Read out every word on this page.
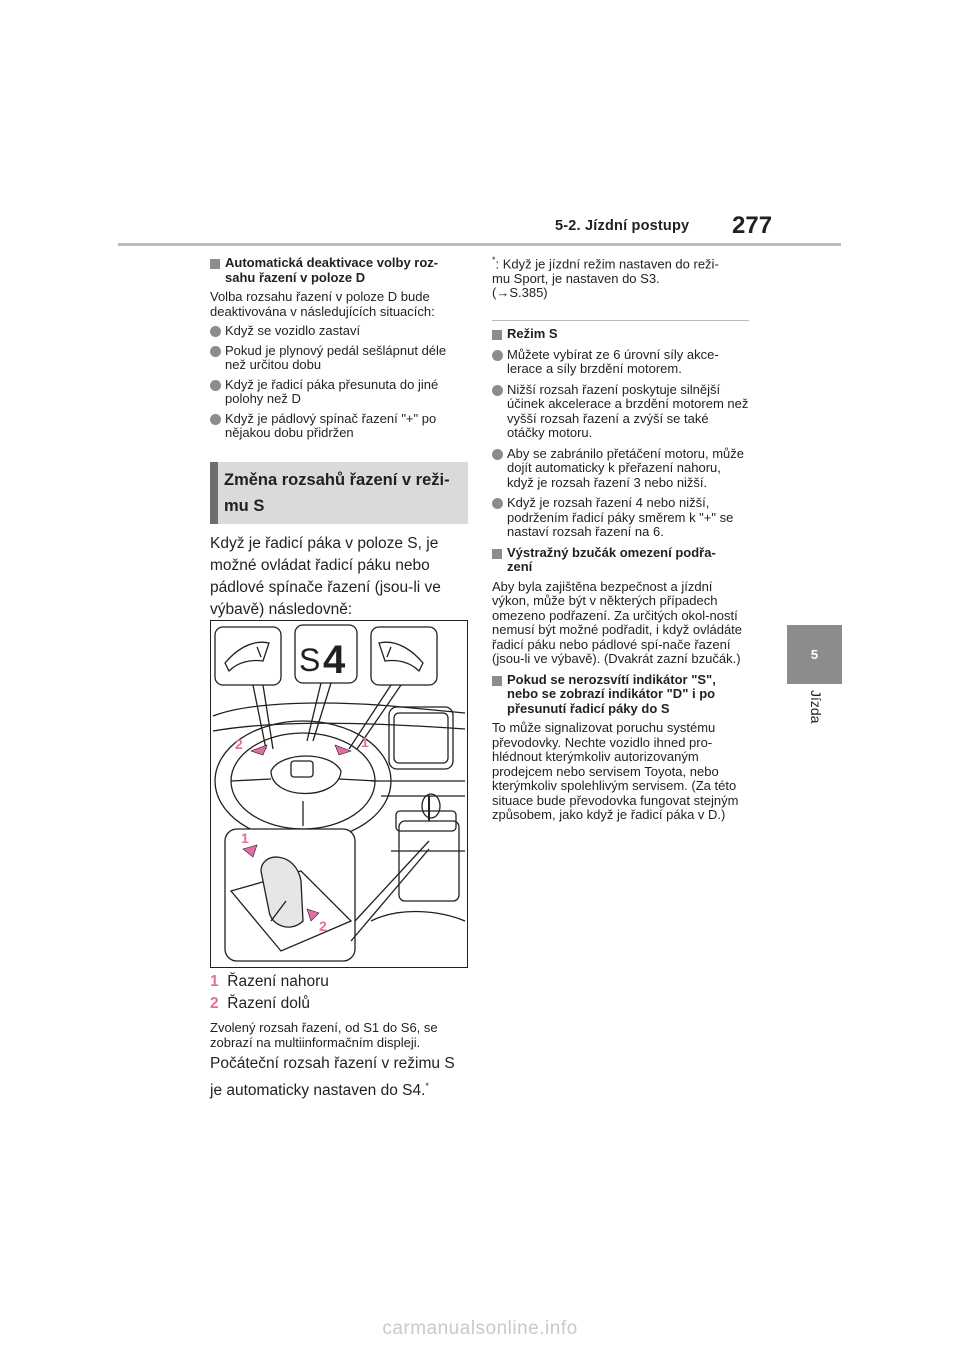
5-2. Jízdní postupy 277
5
Jízda
Automatická deaktivace volby roz-
sahu řazení v poloze D

Volba rozsahu řazení v poloze D bude deaktivována v následujících situacích:

Když se vozidlo zastaví
Pokud je plynový pedál sešlápnut déle než určitou dobu
Když je řadicí páka přesunuta do jiné polohy než D
Když je pádlový spínač řazení "+" po nějakou dobu přidržen
Změna rozsahů řazení v reži-
mu S
Když je řadicí páka v poloze S, je možné ovládat řadicí páku nebo pádlové spínače řazení (jsou-li ve výbavě) následovně:
S 4
2	1
1
2
1 Řazení nahoru
2 Řazení dolů
Zvolený rozsah řazení, od S1 do S6, se zobrazí na multiinformačním displeji.
Počáteční rozsah řazení v režimu S je automaticky nastaven do S4.*
*: Když je jízdní režim nastaven do reži-
mu Sport, je nastaven do S3.
(→S.385)
Režim S
Můžete vybírat ze 6 úrovní síly akce-lerace a síly brzdění motorem.
Nižší rozsah řazení poskytuje silnější účinek akcelerace a brzdění motorem než vyšší rozsah řazení a zvýší se také otáčky motoru.
Aby se zabránilo přetáčení motoru, může dojít automaticky k přeřazení nahoru, když je rozsah řazení 3 nebo nižší.
Když je rozsah řazení 4 nebo nižší, podržením řadicí páky směrem k "+" se nastaví rozsah řazení na 6.
Výstražný bzučák omezení podřa-
zení

Aby byla zajištěna bezpečnost a jízdní výkon, může být v některých případech omezeno podřazení. Za určitých okol-ností nemusí být možné podřadit, i když ovládáte řadicí páku nebo pádlové spí-nače řazení (jsou-li ve výbavě). (Dvakrát zazní bzučák.)

Pokud se nerozsvítí indikátor "S", nebo se zobrazí indikátor "D" i po přesunutí řadicí páky do S

To může signalizovat poruchu systému převodovky. Nechte vozidlo ihned pro-hlédnout kterýmkoliv autorizovaným prodejcem nebo servisem Toyota, nebo kterýmkoliv spolehlivým servisem. (Za této situace bude převodovka fungovat stejným způsobem, jako když je řadicí páka v D.)

carmanualsonline.info
